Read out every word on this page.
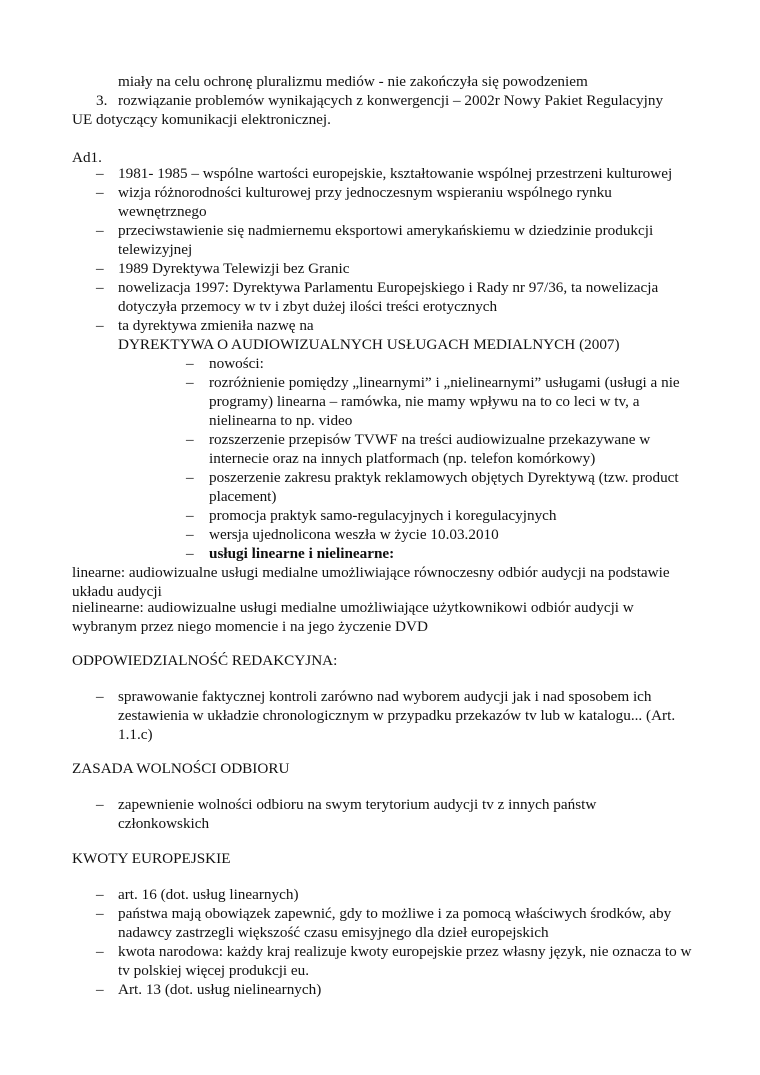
miały na celu ochronę pluralizmu mediów - nie zakończyła się powodzeniem

3. rozwiązanie problemów wynikających z konwergencji – 2002r Nowy Pakiet Regulacyjny

UE dotyczący komunikacji elektronicznej.

Ad1.

– 1981- 1985 – wspólne wartości europejskie, kształtowanie wspólnej przestrzeni kulturowej
– wizja różnorodności kulturowej przy jednoczesnym wspieraniu wspólnego rynku wewnętrznego
– przeciwstawienie się nadmiernemu eksportowi amerykańskiemu w dziedzinie produkcji telewizyjnej
– 1989 Dyrektywa Telewizji bez Granic
– nowelizacja 1997: Dyrektywa Parlamentu Europejskiego i Rady nr 97/36, ta nowelizacja dotyczyła przemocy w tv i zbyt dużej ilości treści erotycznych
– ta dyrektywa zmieniła nazwę na

DYREKTYWA O AUDIOWIZUALNYCH USŁUGACH MEDIALNYCH (2007)

–	nowości:
–	rozróżnienie pomiędzy „linearnymi” i „nielinearnymi” usługami (usługi a nie programy) linearna – ramówka, nie mamy wpływu na to co leci w tv, a nielinearna to np. video
–	rozszerzenie przepisów TVWF na treści audiowizualne przekazywane w internecie oraz na innych platformach (np. telefon komórkowy)
–	poszerzenie zakresu praktyk reklamowych objętych Dyrektywą (tzw. product placement)
–	promocja praktyk samo-regulacyjnych i koregulacyjnych
–	wersja ujednolicona weszła w życie 10.03.2010
–	usługi linearne i nielinearne:

linearne: audiowizualne usługi medialne umożliwiające równoczesny odbiór audycji na podstawie układu audycji

nielinearne: audiowizualne usługi medialne umożliwiające użytkownikowi odbiór audycji w wybranym przez niego momencie i na jego życzenie DVD

ODPOWIEDZIALNOŚĆ REDAKCYJNA:

– sprawowanie faktycznej kontroli zarówno nad wyborem audycji jak i nad sposobem ich zestawienia w układzie chronologicznym w przypadku przekazów tv lub w katalogu... (Art. 1.1.c)

ZASADA WOLNOŚCI ODBIORU

– zapewnienie wolności odbioru na swym terytorium audycji tv z innych państw członkowskich

KWOTY EUROPEJSKIE

– art. 16 (dot. usług linearnych)
– państwa mają obowiązek zapewnić, gdy to możliwe i za pomocą właściwych środków, aby nadawcy zastrzegli większość czasu emisyjnego dla dzieł europejskich
– kwota narodowa: każdy kraj realizuje kwoty europejskie przez własny język, nie oznacza to w tv polskiej więcej produkcji eu.
– Art. 13 (dot. usług nielinearnych)
